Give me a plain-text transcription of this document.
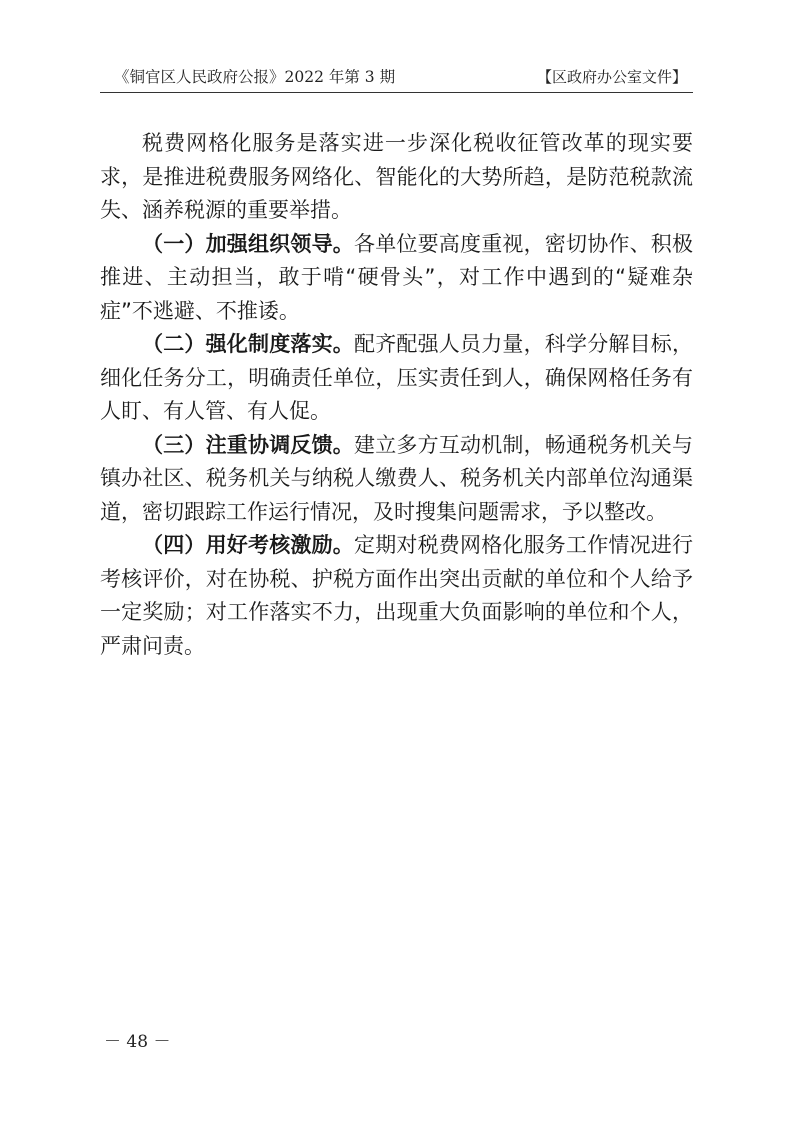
《铜官区人民政府公报》2022 年第 3 期	【区政府办公室文件】

税费网格化服务是落实进一步深化税收征管改革的现实要求，是推进税费服务网络化、智能化的大势所趋，是防范税款流失、涵养税源的重要举措。

（一）加强组织领导。各单位要高度重视，密切协作、积极推进、主动担当，敢于啃“硬骨头”，对工作中遇到的“疑难杂症”不逃避、不推诿。

（二）强化制度落实。配齐配强人员力量，科学分解目标，细化任务分工，明确责任单位，压实责任到人，确保网格任务有人盯、有人管、有人促。

（三）注重协调反馈。建立多方互动机制，畅通税务机关与镇办社区、税务机关与纳税人缴费人、税务机关内部单位沟通渠道，密切跟踪工作运行情况，及时搜集问题需求，予以整改。

（四）用好考核激励。定期对税费网格化服务工作情况进行考核评价，对在协税、护税方面作出突出贡献的单位和个人给予一定奖励；对工作落实不力，出现重大负面影响的单位和个人，严肃问责。

－ 48 －
